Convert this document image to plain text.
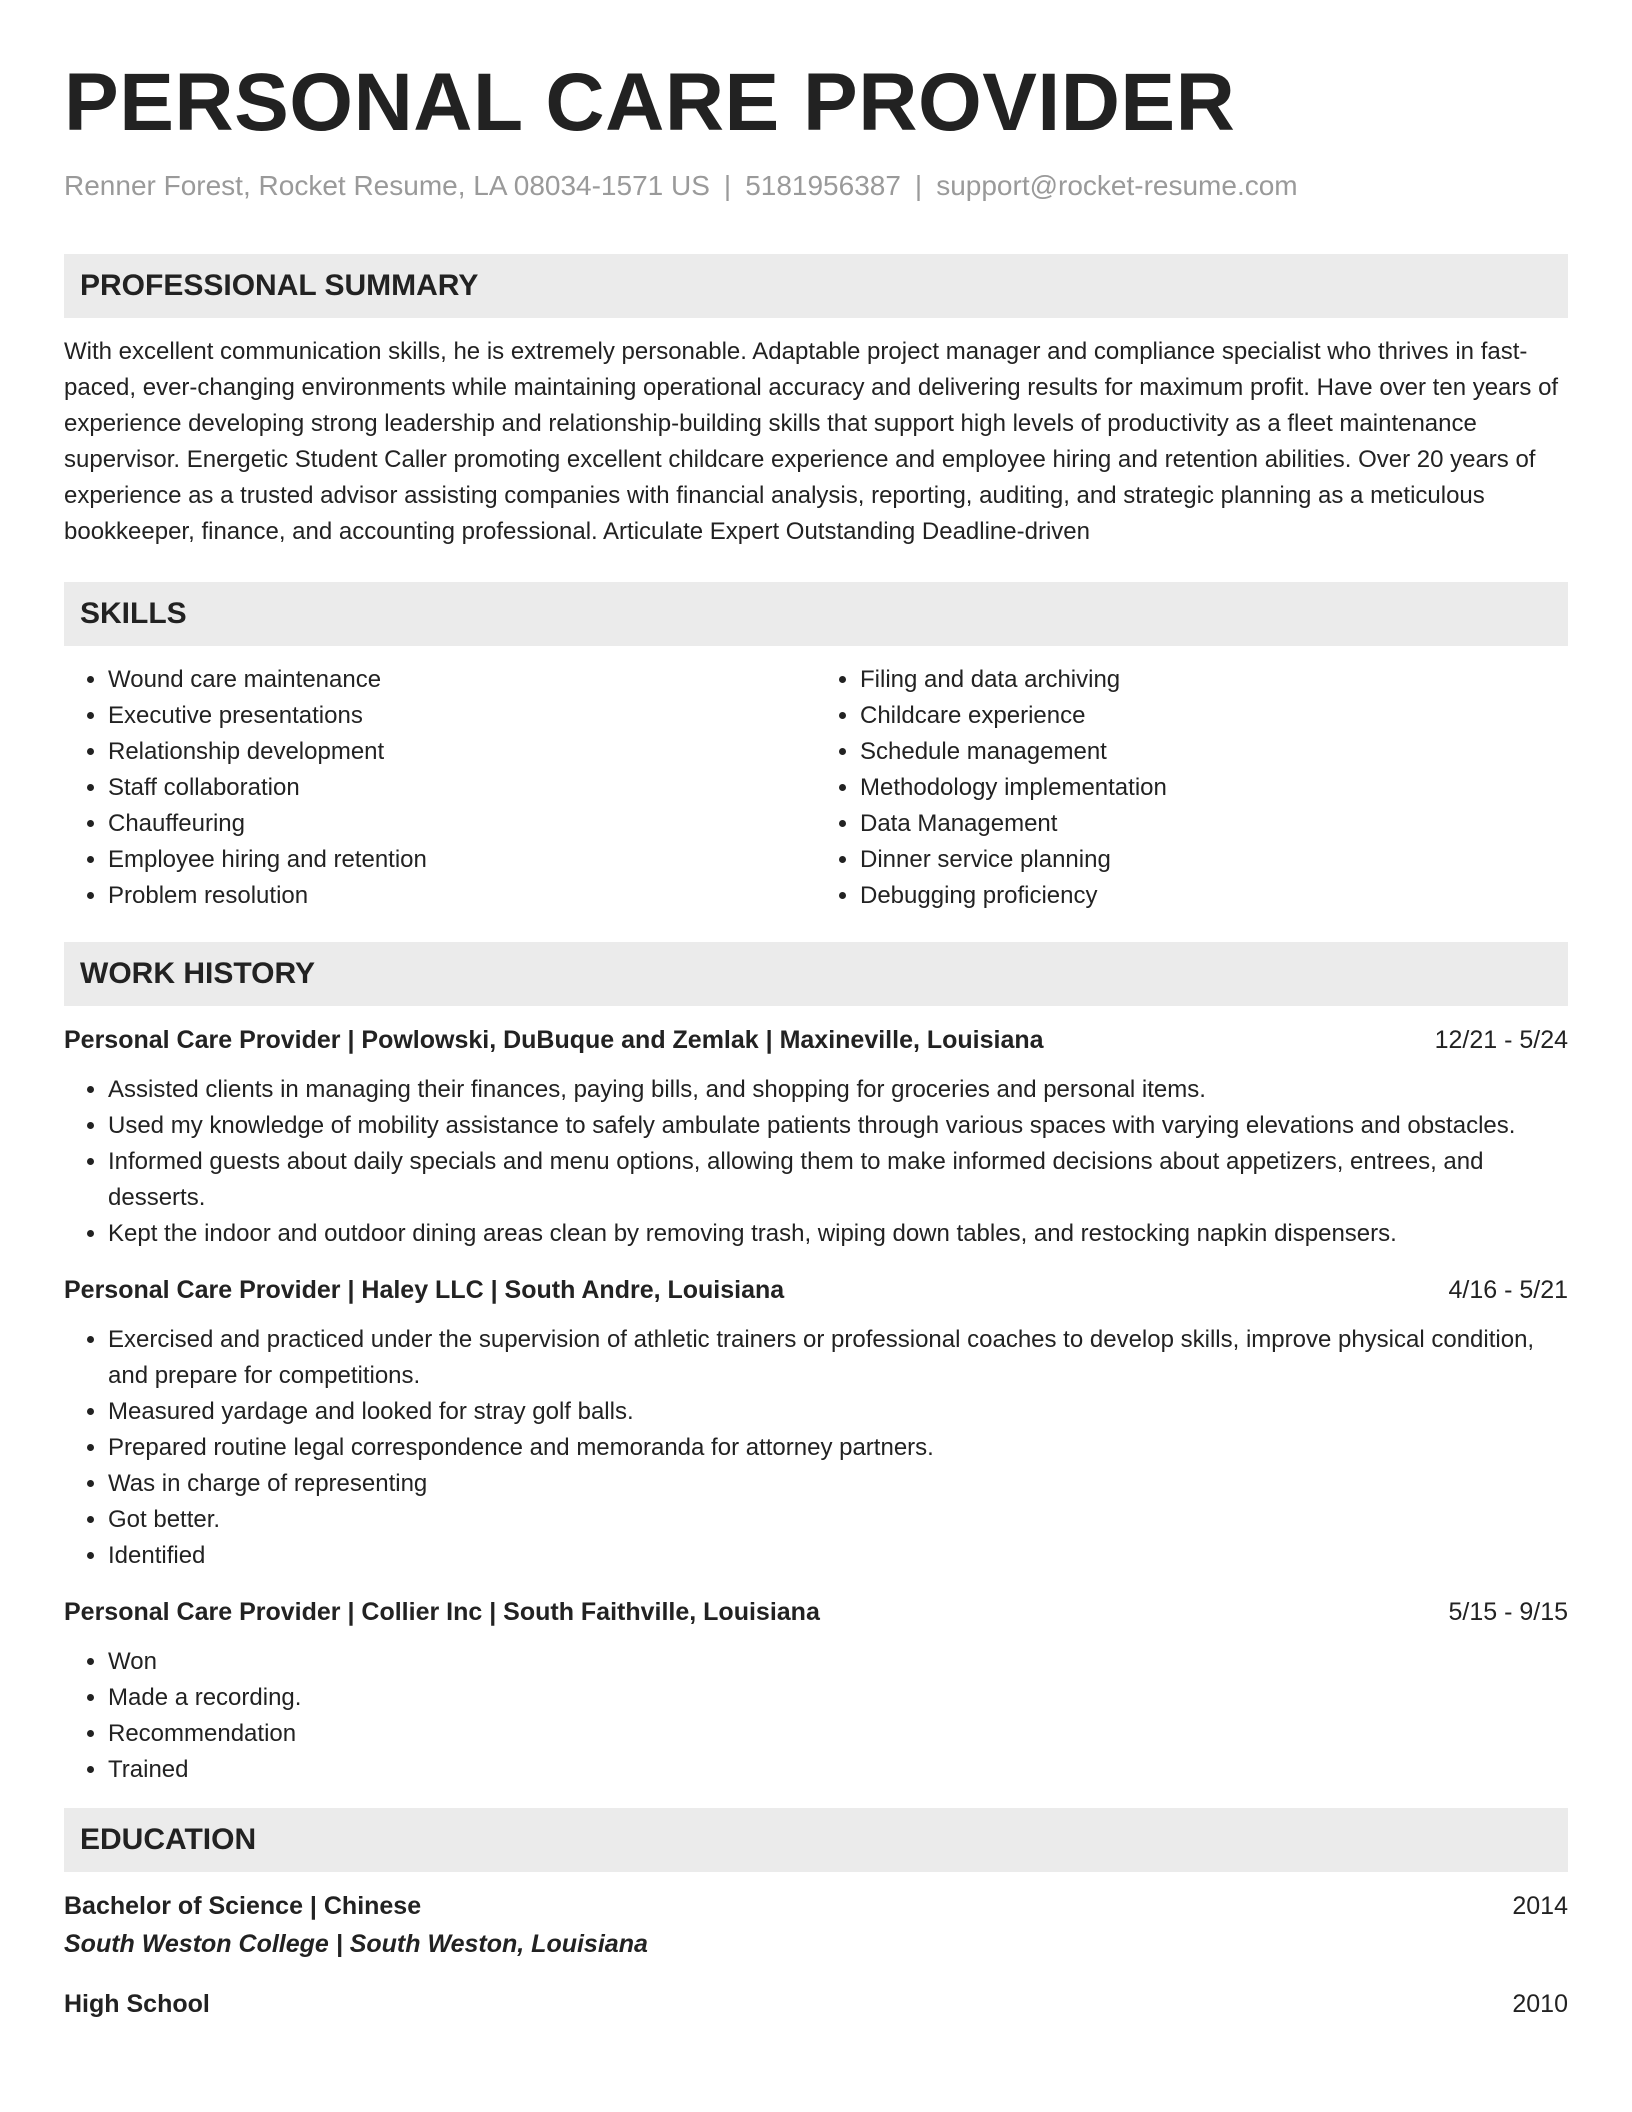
PERSONAL CARE PROVIDER
Renner Forest, Rocket Resume, LA 08034-1571 US | 5181956387 | support@rocket-resume.com
PROFESSIONAL SUMMARY
With excellent communication skills, he is extremely personable. Adaptable project manager and compliance specialist who thrives in fast-paced, ever-changing environments while maintaining operational accuracy and delivering results for maximum profit. Have over ten years of experience developing strong leadership and relationship-building skills that support high levels of productivity as a fleet maintenance supervisor. Energetic Student Caller promoting excellent childcare experience and employee hiring and retention abilities. Over 20 years of experience as a trusted advisor assisting companies with financial analysis, reporting, auditing, and strategic planning as a meticulous bookkeeper, finance, and accounting professional. Articulate Expert Outstanding Deadline-driven
SKILLS
• Wound care maintenance
• Executive presentations
• Relationship development
• Staff collaboration
• Chauffeuring
• Employee hiring and retention
• Problem resolution
• Filing and data archiving
• Childcare experience
• Schedule management
• Methodology implementation
• Data Management
• Dinner service planning
• Debugging proficiency
WORK HISTORY
Personal Care Provider | Powlowski, DuBuque and Zemlak | Maxineville, Louisiana	12/21 - 5/24
• Assisted clients in managing their finances, paying bills, and shopping for groceries and personal items.
• Used my knowledge of mobility assistance to safely ambulate patients through various spaces with varying elevations and obstacles.
• Informed guests about daily specials and menu options, allowing them to make informed decisions about appetizers, entrees, and desserts.
• Kept the indoor and outdoor dining areas clean by removing trash, wiping down tables, and restocking napkin dispensers.
Personal Care Provider | Haley LLC | South Andre, Louisiana	4/16 - 5/21
• Exercised and practiced under the supervision of athletic trainers or professional coaches to develop skills, improve physical condition, and prepare for competitions.
• Measured yardage and looked for stray golf balls.
• Prepared routine legal correspondence and memoranda for attorney partners.
• Was in charge of representing
• Got better.
• Identified
Personal Care Provider | Collier Inc | South Faithville, Louisiana	5/15 - 9/15
• Won
• Made a recording.
• Recommendation
• Trained
EDUCATION
Bachelor of Science | Chinese	2014
South Weston College | South Weston, Louisiana
High School	2010
